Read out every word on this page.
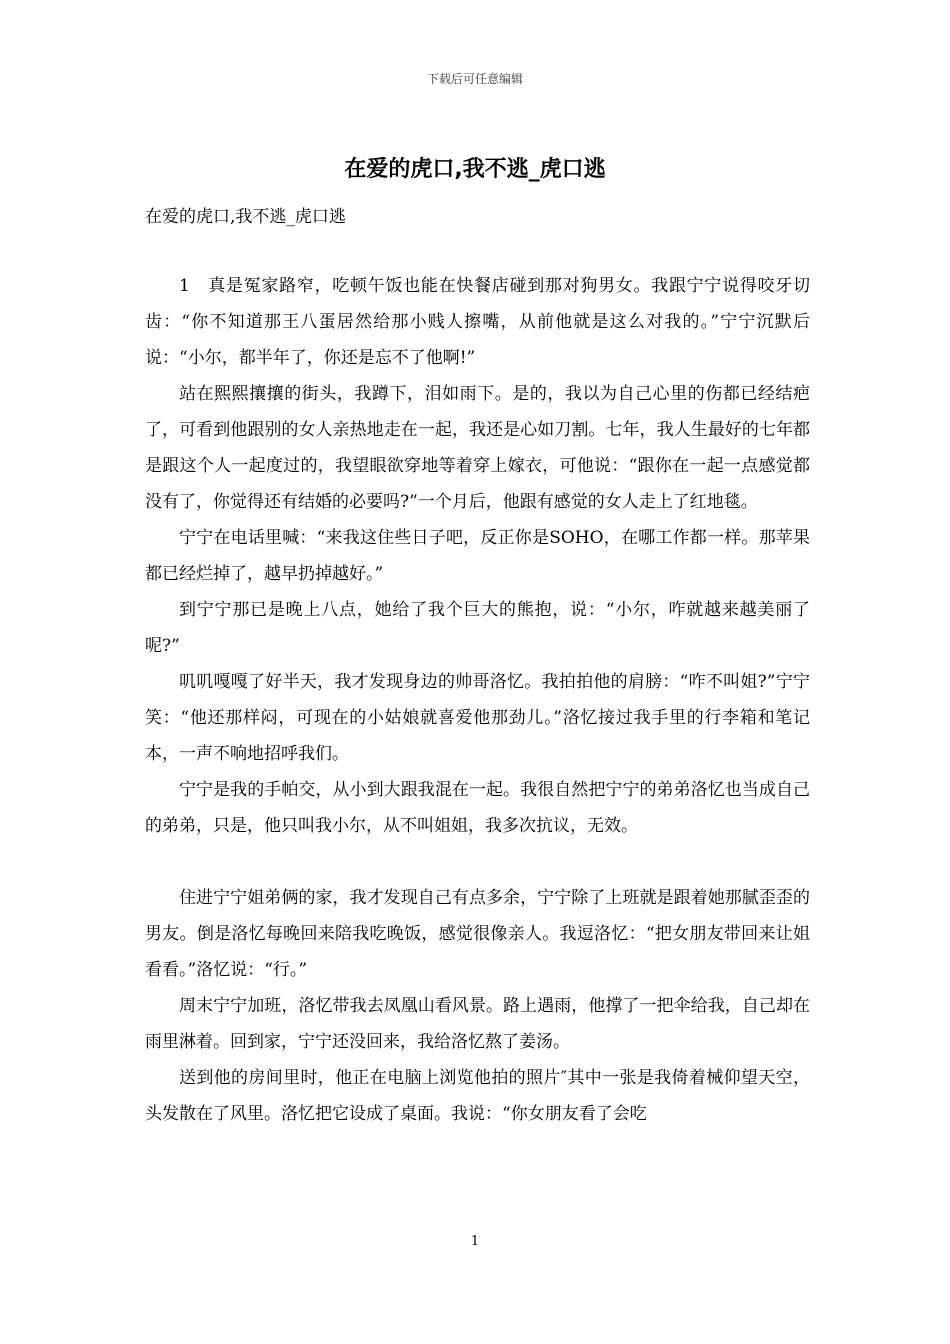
下载后可任意编辑
在爱的虎口,我不逃_虎口逃
在爱的虎口,我不逃_虎口逃

1　真是冤家路窄，吃顿午饭也能在快餐店碰到那对狗男女。我跟宁宁说得咬牙切齿：“你不知道那王八蛋居然给那小贱人擦嘴，从前他就是这么对我的。”宁宁沉默后说：“小尔，都半年了，你还是忘不了他啊!”

站在熙熙攘攘的街头，我蹲下，泪如雨下。是的，我以为自己心里的伤都已经结疤了，可看到他跟别的女人亲热地走在一起，我还是心如刀割。七年，我人生最好的七年都是跟这个人一起度过的，我望眼欲穿地等着穿上嫁衣，可他说：“跟你在一起一点感觉都没有了，你觉得还有结婚的必要吗?”一个月后，他跟有感觉的女人走上了红地毯。

宁宁在电话里喊：“来我这住些日子吧，反正你是SOHO，在哪工作都一样。那苹果都已经烂掉了，越早扔掉越好。”

到宁宁那已是晚上八点，她给了我个巨大的熊抱，说：“小尔，咋就越来越美丽了呢?”

叽叽嘎嘎了好半天，我才发现身边的帅哥洛忆。我拍拍他的肩膀：“咋不叫姐?”宁宁笑：“他还那样闷，可现在的小姑娘就喜爱他那劲儿。”洛忆接过我手里的行李箱和笔记本，一声不响地招呼我们。

宁宁是我的手帕交，从小到大跟我混在一起。我很自然把宁宁的弟弟洛忆也当成自己的弟弟，只是，他只叫我小尔，从不叫姐姐，我多次抗议，无效。

住进宁宁姐弟俩的家，我才发现自己有点多余，宁宁除了上班就是跟着她那腻歪歪的男友。倒是洛忆每晚回来陪我吃晚饭，感觉很像亲人。我逗洛忆：“把女朋友带回来让姐看看。”洛忆说：“行。”

周末宁宁加班，洛忆带我去凤凰山看风景。路上遇雨，他撑了一把伞给我，自己却在雨里淋着。回到家，宁宁还没回来，我给洛忆熬了姜汤。

送到他的房间里时，他正在电脑上浏览他拍的照片″其中一张是我倚着械仰望天空，头发散在了风里。洛忆把它设成了桌面。我说：“你女朋友看了会吃

1
